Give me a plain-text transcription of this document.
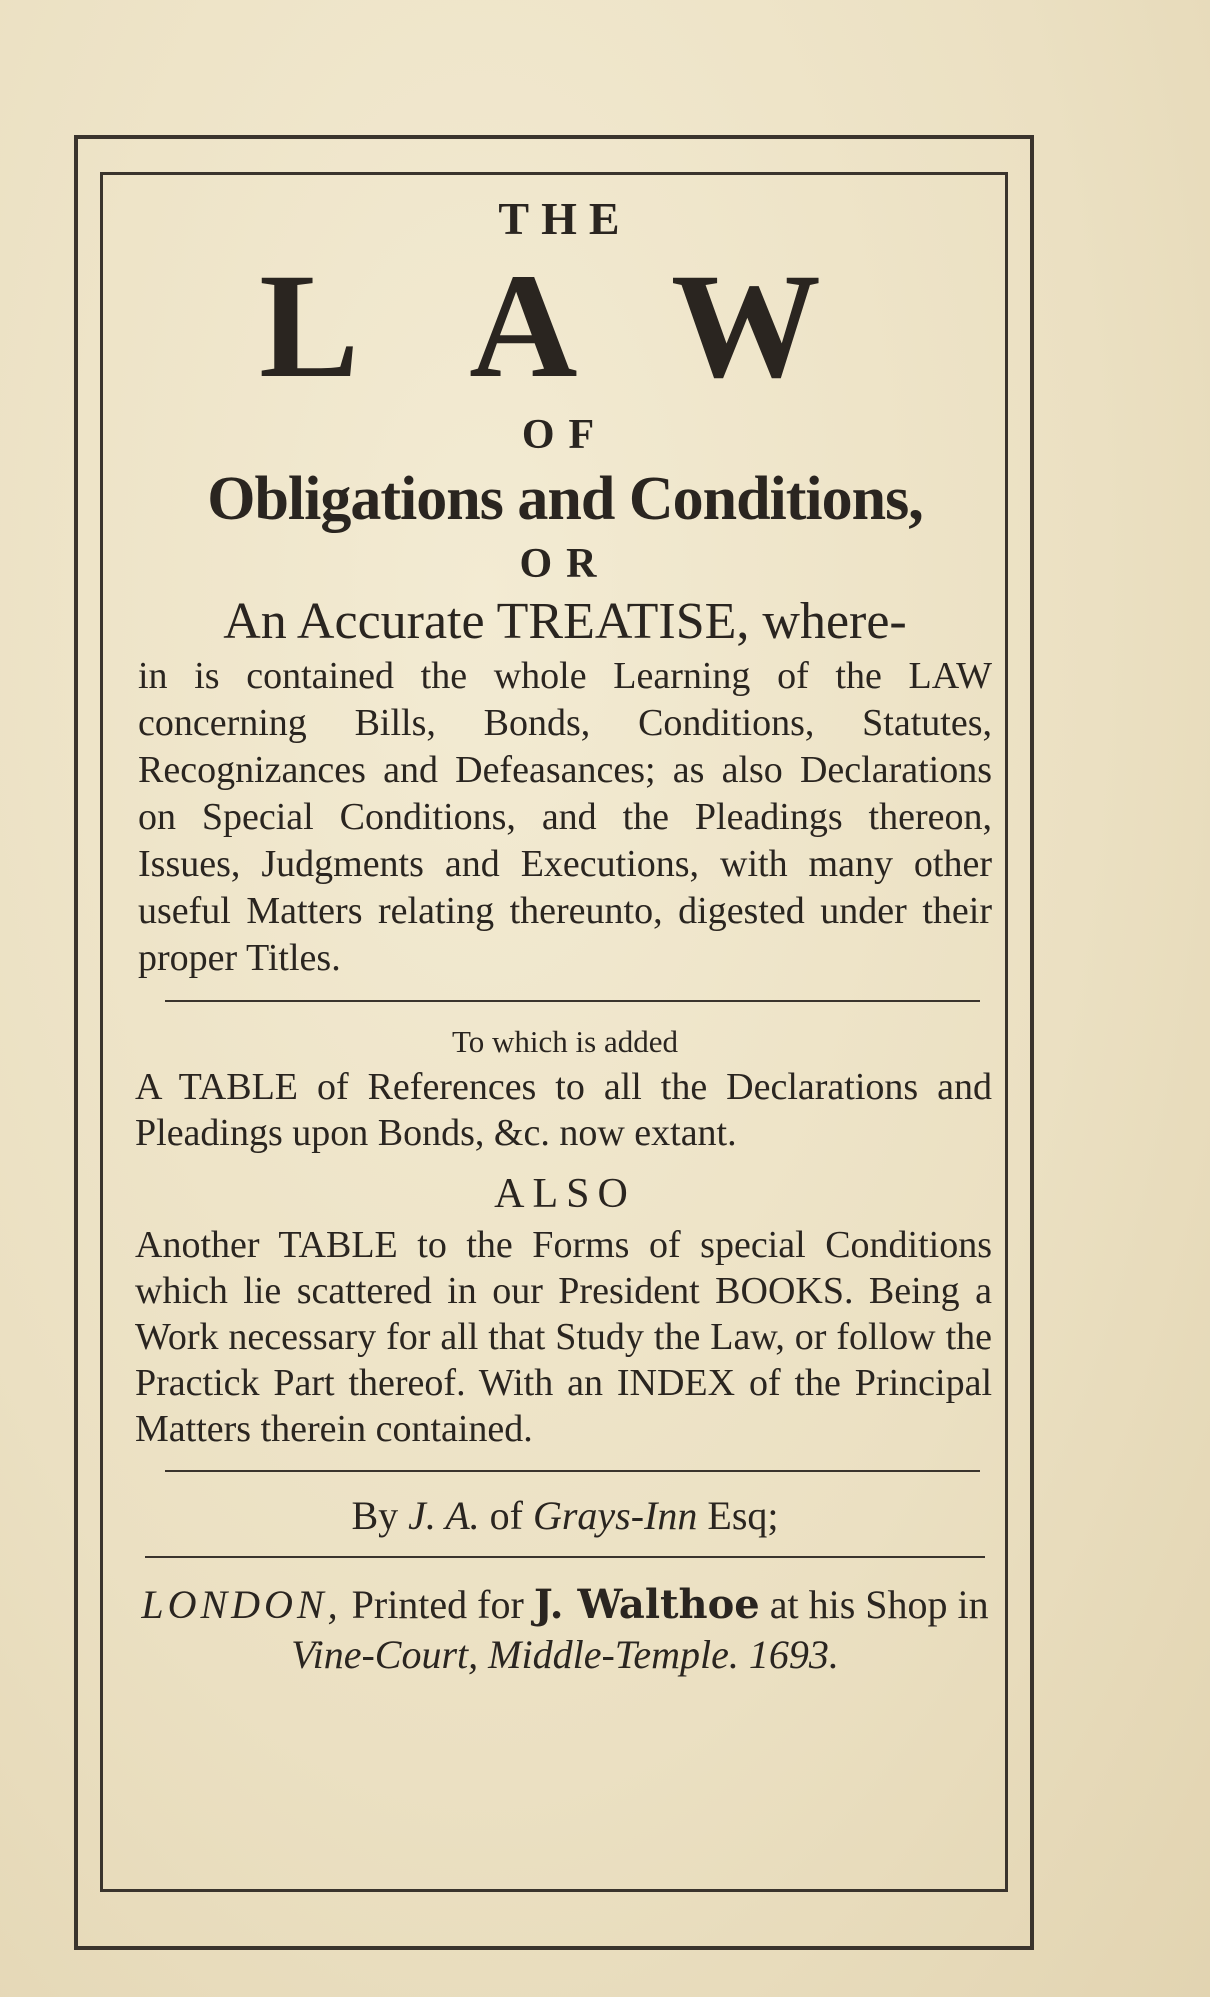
THE
LAW
OF
Obligations and Conditions,
OR
An Accurate TREATISE, where-
in is contained the whole Learning of the LAW concerning Bills, Bonds, Conditions, Statutes, Recognizances and Defeasances; as also Declarations on Special Conditions, and the Pleadings thereon, Issues, Judgments and Executions, with many other useful Matters relating thereunto, digested under their proper Titles.
To which is added
A TABLE of References to all the Declarations and Pleadings upon Bonds, &c. now extant.
ALSO
Another TABLE to the Forms of special Conditions which lie scattered in our President BOOKS. Being a Work necessary for all that Study the Law, or follow the Practick Part thereof. With an INDEX of the Principal Matters therein contained.
By J. A. of Grays-Inn Esq;
LONDON, Printed for J. Walthoe at his Shop in Vine-Court, Middle-Temple. 1693.
